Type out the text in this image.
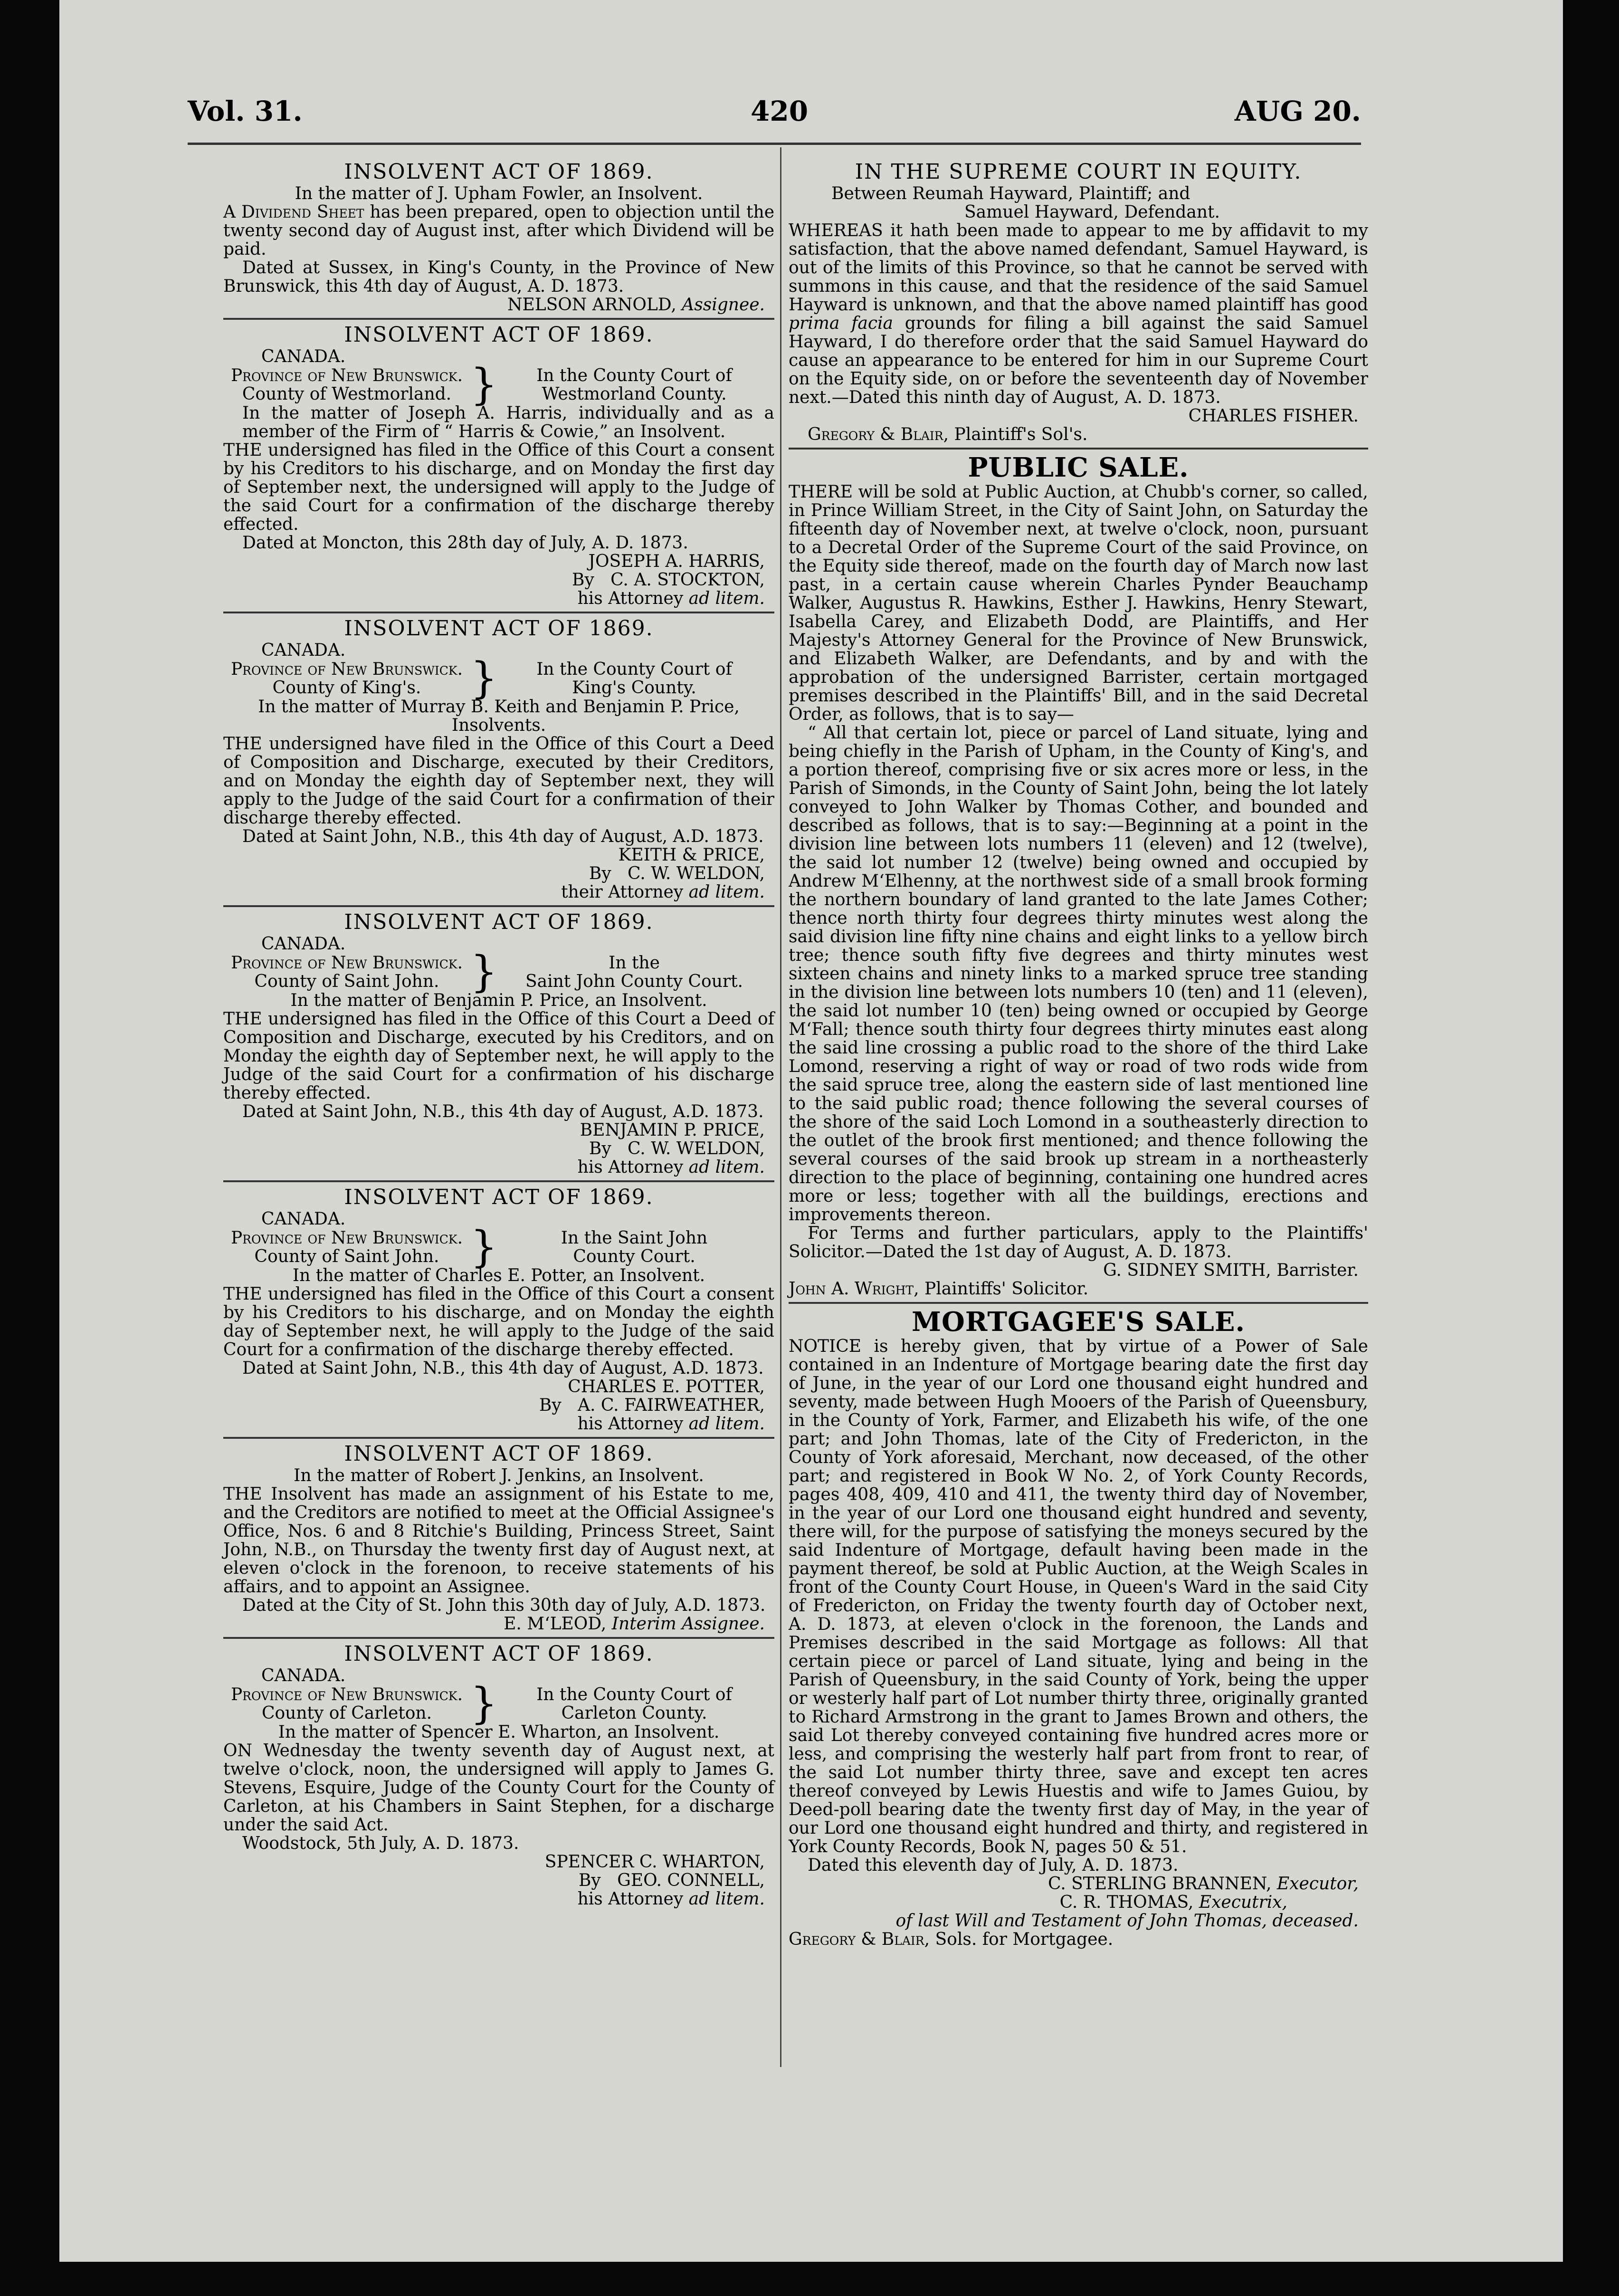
Vol. 31.	420	AUG 20.
INSOLVENT ACT OF 1869.
In the matter of J. Upham Fowler, an Insolvent.

A Dividend Sheet has been prepared, open to objection until the twenty second day of August inst, after which Dividend will be paid.

Dated at Sussex, in King's County, in the Province of New Brunswick, this 4th day of August, A. D. 1873.

NELSON ARNOLD, Assignee.
INSOLVENT ACT OF 1869.
CANADA.
Province of New Brunswick.
County of Westmorland. }	In the County Court of
Westmorland County.

In the matter of Joseph A. Harris, individually and as a member of the Firm of “ Harris & Cowie,” an Insolvent.

THE undersigned has filed in the Office of this Court a consent by his Creditors to his discharge, and on Monday the first day of September next, the undersigned will apply to the Judge of the said Court for a confirmation of the discharge thereby effected.

Dated at Moncton, this 28th day of July, A. D. 1873.

JOSEPH A. HARRIS,
By C. A. STOCKTON,
his Attorney ad litem.
INSOLVENT ACT OF 1869.
CANADA.
Province of New Brunswick.
County of King's.	}	In the County Court of
King's County.
In the matter of Murray B. Keith and Benjamin P. Price, Insolvents.

THE undersigned have filed in the Office of this Court a Deed of Composition and Discharge, executed by their Creditors, and on Monday the eighth day of September next, they will apply to the Judge of the said Court for a confirmation of their discharge thereby effected.

Dated at Saint John, N.B., this 4th day of August, A.D. 1873.

KEITH & PRICE,
By C. W. WELDON,
their Attorney ad litem.
INSOLVENT ACT OF 1869.
CANADA.
Province of New Brunswick.
County of Saint John. }	In the
Saint John County Court.
In the matter of Benjamin P. Price, an Insolvent.

THE undersigned has filed in the Office of this Court a Deed of Composition and Discharge, executed by his Creditors, and on Monday the eighth day of September next, he will apply to the Judge of the said Court for a confirmation of his discharge thereby effected.

Dated at Saint John, N.B., this 4th day of August, A.D. 1873.

BENJAMIN P. PRICE,
By C. W. WELDON,
his Attorney ad litem.
INSOLVENT ACT OF 1869.
CANADA.
Province of New Brunswick.
County of Saint John. }	In the Saint John
County Court.
In the matter of Charles E. Potter, an Insolvent.

THE undersigned has filed in the Office of this Court a consent by his Creditors to his discharge, and on Monday the eighth day of September next, he will apply to the Judge of the said Court for a confirmation of the discharge thereby effected.

Dated at Saint John, N.B., this 4th day of August, A.D. 1873.

CHARLES E. POTTER,
By A. C. FAIRWEATHER,
his Attorney ad litem.
INSOLVENT ACT OF 1869.
In the matter of Robert J. Jenkins, an Insolvent.

THE Insolvent has made an assignment of his Estate to me, and the Creditors are notified to meet at the Official Assignee's Office, Nos. 6 and 8 Ritchie's Building, Princess Street, Saint John, N.B., on Thursday the twenty first day of August next, at eleven o'clock in the forenoon, to receive statements of his affairs, and to appoint an Assignee.

Dated at the City of St. John this 30th day of July, A.D. 1873.

E. M‘LEOD, Interim Assignee.
INSOLVENT ACT OF 1869.
CANADA.
Province of New Brunswick.
County of Carleton. }	In the County Court of
Carleton County.
In the matter of Spencer E. Wharton, an Insolvent.

ON Wednesday the twenty seventh day of August next, at twelve o'clock, noon, the undersigned will apply to James G. Stevens, Esquire, Judge of the County Court for the County of Carleton, at his Chambers in Saint Stephen, for a discharge under the said Act.

Woodstock, 5th July, A. D. 1873.

SPENCER C. WHARTON,
By GEO. CONNELL,
his Attorney ad litem.
IN THE SUPREME COURT IN EQUITY.
Between Reumah Hayward, Plaintiff; and
Samuel Hayward, Defendant.

WHEREAS it hath been made to appear to me by affidavit to my satisfaction, that the above named defendant, Samuel Hayward, is out of the limits of this Province, so that he cannot be served with summons in this cause, and that the residence of the said Samuel Hayward is unknown, and that the above named plaintiff has good prima facia grounds for filing a bill against the said Samuel Hayward, I do therefore order that the said Samuel Hayward do cause an appearance to be entered for him in our Supreme Court on the Equity side, on or before the seventeenth day of November next.—Dated this ninth day of August, A. D. 1873.

CHARLES FISHER.
Gregory & Blair, Plaintiff's Sol's.
PUBLIC SALE.

THERE will be sold at Public Auction, at Chubb's corner, so called, in Prince William Street, in the City of Saint John, on Saturday the fifteenth day of November next, at twelve o'clock, noon, pursuant to a Decretal Order of the Supreme Court of the said Province, on the Equity side thereof, made on the fourth day of March now last past, in a certain cause wherein Charles Pynder Beauchamp Walker, Augustus R. Hawkins, Esther J. Hawkins, Henry Stewart, Isabella Carey, and Elizabeth Dodd, are Plaintiffs, and Her Majesty's Attorney General for the Province of New Brunswick, and Elizabeth Walker, are Defendants, and by and with the approbation of the undersigned Barrister, certain mortgaged premises described in the Plaintiffs' Bill, and in the said Decretal Order, as follows, that is to say—

“ All that certain lot, piece or parcel of Land situate, lying and being chiefly in the Parish of Upham, in the County of King's, and a portion thereof, comprising five or six acres more or less, in the Parish of Simonds, in the County of Saint John, being the lot lately conveyed to John Walker by Thomas Cother, and bounded and described as follows, that is to say:—Beginning at a point in the division line between lots numbers 11 (eleven) and 12 (twelve), the said lot number 12 (twelve) being owned and occupied by Andrew M‘Elhenny, at the northwest side of a small brook forming the northern boundary of land granted to the late James Cother; thence north thirty four degrees thirty minutes west along the said division line fifty nine chains and eight links to a yellow birch tree; thence south fifty five degrees and thirty minutes west sixteen chains and ninety links to a marked spruce tree standing in the division line between lots numbers 10 (ten) and 11 (eleven), the said lot number 10 (ten) being owned or occupied by George M‘Fall; thence south thirty four degrees thirty minutes east along the said line crossing a public road to the shore of the third Lake Lomond, reserving a right of way or road of two rods wide from the said spruce tree, along the eastern side of last mentioned line to the said public road; thence following the several courses of the shore of the said Loch Lomond in a southeasterly direction to the outlet of the brook first mentioned; and thence following the several courses of the said brook up stream in a northeasterly direction to the place of beginning, containing one hundred acres more or less; together with all the buildings, erections and improvements thereon.

For Terms and further particulars, apply to the Plaintiffs' Solicitor.—Dated the 1st day of August, A. D. 1873.

G. SIDNEY SMITH, Barrister.
John A. Wright, Plaintiffs' Solicitor.
MORTGAGEE'S SALE.

NOTICE is hereby given, that by virtue of a Power of Sale contained in an Indenture of Mortgage bearing date the first day of June, in the year of our Lord one thousand eight hundred and seventy, made between Hugh Mooers of the Parish of Queensbury, in the County of York, Farmer, and Elizabeth his wife, of the one part; and John Thomas, late of the City of Fredericton, in the County of York aforesaid, Merchant, now deceased, of the other part; and registered in Book W No. 2, of York County Records, pages 408, 409, 410 and 411, the twenty third day of November, in the year of our Lord one thousand eight hundred and seventy, there will, for the purpose of satisfying the moneys secured by the said Indenture of Mortgage, default having been made in the payment thereof, be sold at Public Auction, at the Weigh Scales in front of the County Court House, in Queen's Ward in the said City of Fredericton, on Friday the twenty fourth day of October next, A. D. 1873, at eleven o'clock in the forenoon, the Lands and Premises described in the said Mortgage as follows: All that certain piece or parcel of Land situate, lying and being in the Parish of Queensbury, in the said County of York, being the upper or westerly half part of Lot number thirty three, originally granted to Richard Armstrong in the grant to James Brown and others, the said Lot thereby conveyed containing five hundred acres more or less, and comprising the westerly half part from front to rear, of the said Lot number thirty three, save and except ten acres thereof conveyed by Lewis Huestis and wife to James Guiou, by Deed-poll bearing date the twenty first day of May, in the year of our Lord one thousand eight hundred and thirty, and registered in York County Records, Book N, pages 50 & 51.

Dated this eleventh day of July, A. D. 1873.

C. STERLING BRANNEN, Executor,
C. R. THOMAS, Executrix,
of last Will and Testament of John Thomas, deceased.
Gregory & Blair, Sols. for Mortgagee.
